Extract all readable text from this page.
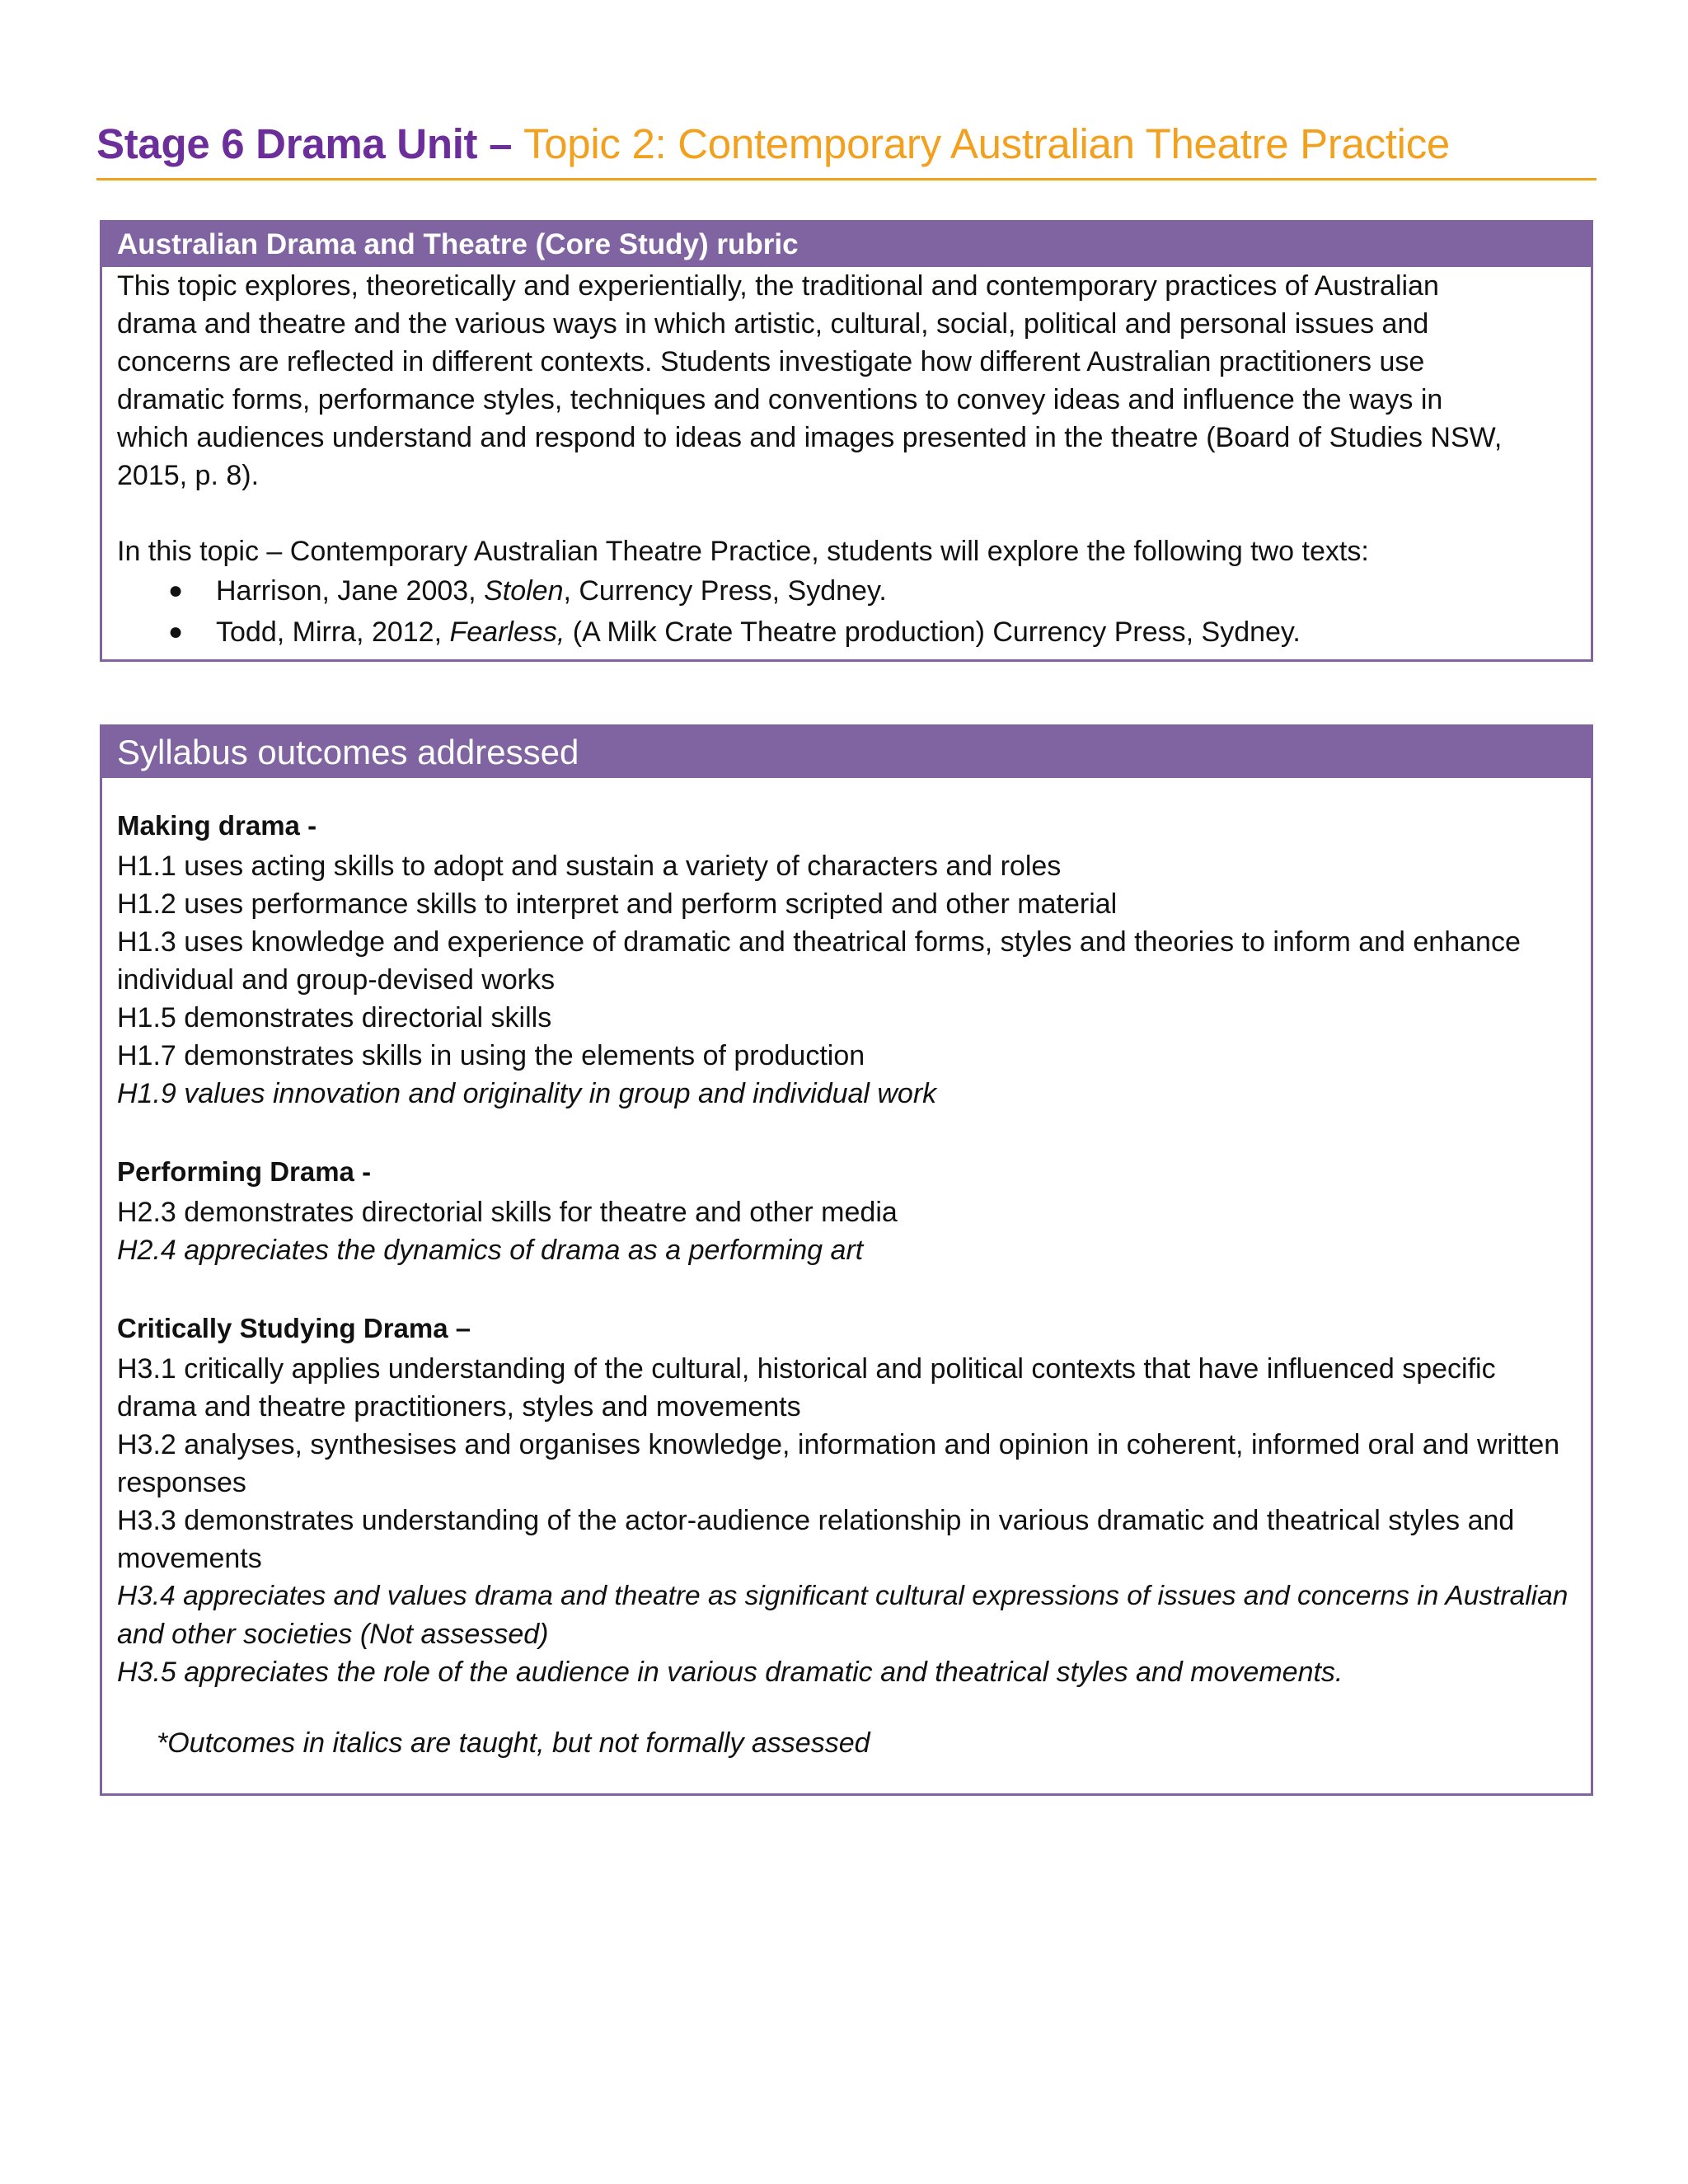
Stage 6 Drama Unit – Topic 2: Contemporary Australian Theatre Practice
Australian Drama and Theatre (Core Study) rubric

This topic explores, theoretically and experientially, the traditional and contemporary practices of Australian

drama and theatre and the various ways in which artistic, cultural, social, political and personal issues and

concerns are reflected in different contexts. Students investigate how different Australian practitioners use

dramatic forms, performance styles, techniques and conventions to convey ideas and influence the ways in

which audiences understand and respond to ideas and images presented in the theatre (Board of Studies NSW,

2015, p. 8).

In this topic – Contemporary Australian Theatre Practice, students will explore the following two texts:

● Harrison, Jane 2003, Stolen, Currency Press, Sydney.
● Todd, Mirra, 2012, Fearless, (A Milk Crate Theatre production) Currency Press, Sydney.
Syllabus outcomes addressed
Making drama -

H1.1 uses acting skills to adopt and sustain a variety of characters and roles

H1.2 uses performance skills to interpret and perform scripted and other material

H1.3 uses knowledge and experience of dramatic and theatrical forms, styles and theories to inform and enhance

individual and group-devised works

H1.5 demonstrates directorial skills

H1.7 demonstrates skills in using the elements of production

H1.9 values innovation and originality in group and individual work

Performing Drama -

H2.3 demonstrates directorial skills for theatre and other media

H2.4 appreciates the dynamics of drama as a performing art

Critically Studying Drama –

H3.1 critically applies understanding of the cultural, historical and political contexts that have influenced specific

drama and theatre practitioners, styles and movements

H3.2 analyses, synthesises and organises knowledge, information and opinion in coherent, informed oral and written

responses

H3.3 demonstrates understanding of the actor-audience relationship in various dramatic and theatrical styles and

movements

H3.4 appreciates and values drama and theatre as significant cultural expressions of issues and concerns in Australian

and other societies (Not assessed)

H3.5 appreciates the role of the audience in various dramatic and theatrical styles and movements.

*Outcomes in italics are taught, but not formally assessed
